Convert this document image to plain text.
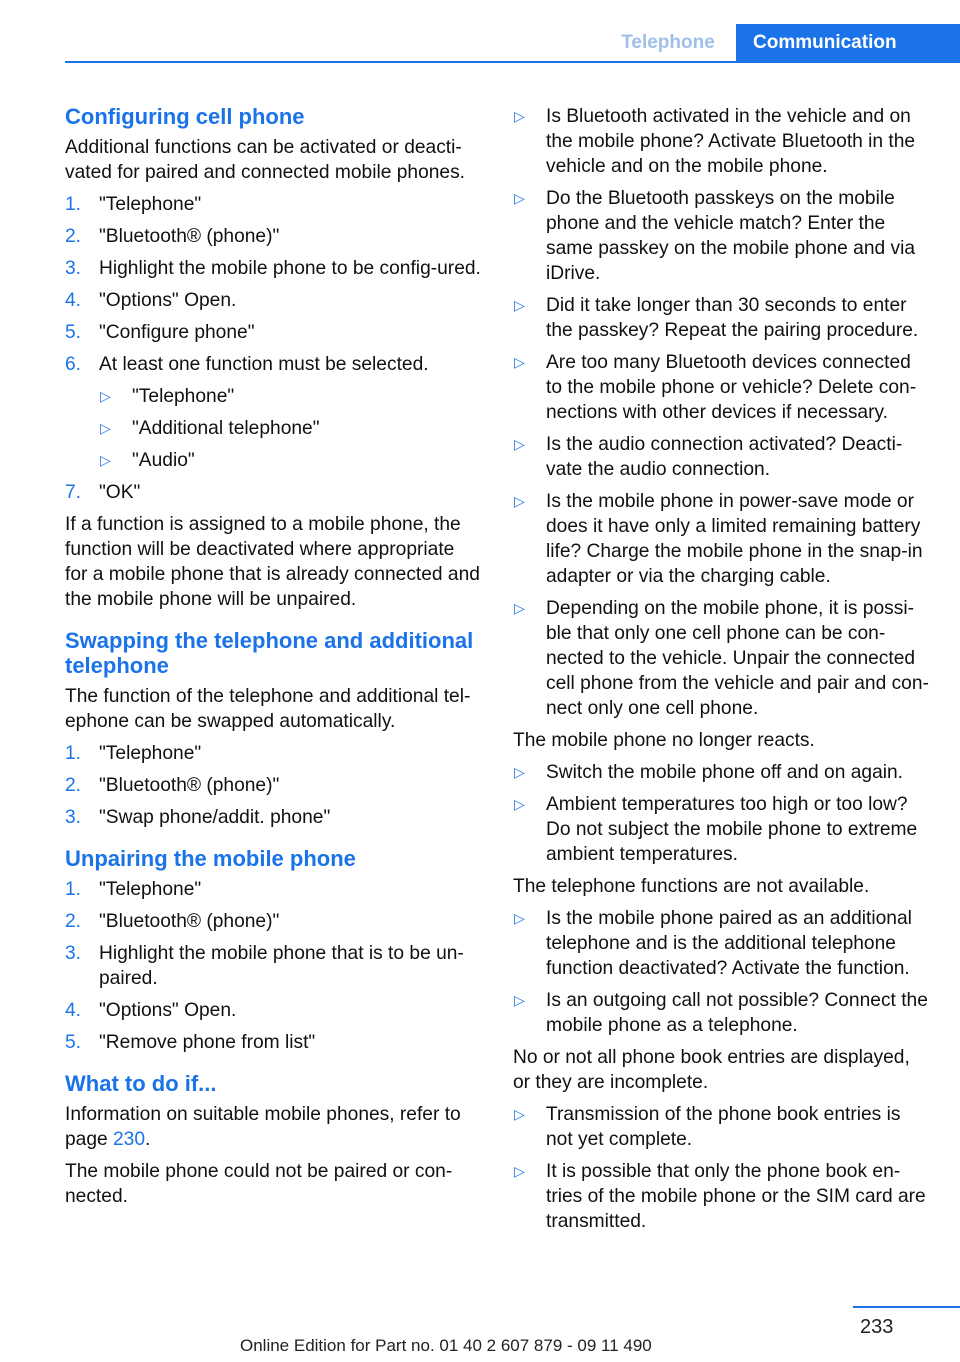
Telephone	Communication
Configuring cell phone
Additional functions can be activated or deacti-vated for paired and connected mobile phones.
1. "Telephone"
2. "Bluetooth® (phone)"
3. Highlight the mobile phone to be config-ured.
4. "Options" Open.
5. "Configure phone"
6. At least one function must be selected.
▷ "Telephone"
▷ "Additional telephone"
▷ "Audio"
7. "OK"
If a function is assigned to a mobile phone, the function will be deactivated where appropriate for a mobile phone that is already connected and the mobile phone will be unpaired.
Swapping the telephone and additional telephone
The function of the telephone and additional tel-ephone can be swapped automatically.
1. "Telephone"
2. "Bluetooth® (phone)"
3. "Swap phone/addit. phone"
Unpairing the mobile phone
1. "Telephone"
2. "Bluetooth® (phone)"
3. Highlight the mobile phone that is to be un-paired.
4. "Options" Open.
5. "Remove phone from list"
What to do if...
Information on suitable mobile phones, refer to page 230.
The mobile phone could not be paired or con-nected.
▷ Is Bluetooth activated in the vehicle and on the mobile phone? Activate Bluetooth in the vehicle and on the mobile phone.
▷ Do the Bluetooth passkeys on the mobile phone and the vehicle match? Enter the same passkey on the mobile phone and via iDrive.
▷ Did it take longer than 30 seconds to enter the passkey? Repeat the pairing procedure.
▷ Are too many Bluetooth devices connected to the mobile phone or vehicle? Delete con-nections with other devices if necessary.
▷ Is the audio connection activated? Deacti-vate the audio connection.
▷ Is the mobile phone in power-save mode or does it have only a limited remaining battery life? Charge the mobile phone in the snap-in adapter or via the charging cable.
▷ Depending on the mobile phone, it is possi-ble that only one cell phone can be con-nected to the vehicle. Unpair the connected cell phone from the vehicle and pair and con-nect only one cell phone.
The mobile phone no longer reacts.
▷ Switch the mobile phone off and on again.
▷ Ambient temperatures too high or too low? Do not subject the mobile phone to extreme ambient temperatures.
The telephone functions are not available.
▷ Is the mobile phone paired as an additional telephone and is the additional telephone function deactivated? Activate the function.
▷ Is an outgoing call not possible? Connect the mobile phone as a telephone.
No or not all phone book entries are displayed, or they are incomplete.
▷ Transmission of the phone book entries is not yet complete.
▷ It is possible that only the phone book en-tries of the mobile phone or the SIM card are transmitted.
233
Online Edition for Part no. 01 40 2 607 879 - 09 11 490
